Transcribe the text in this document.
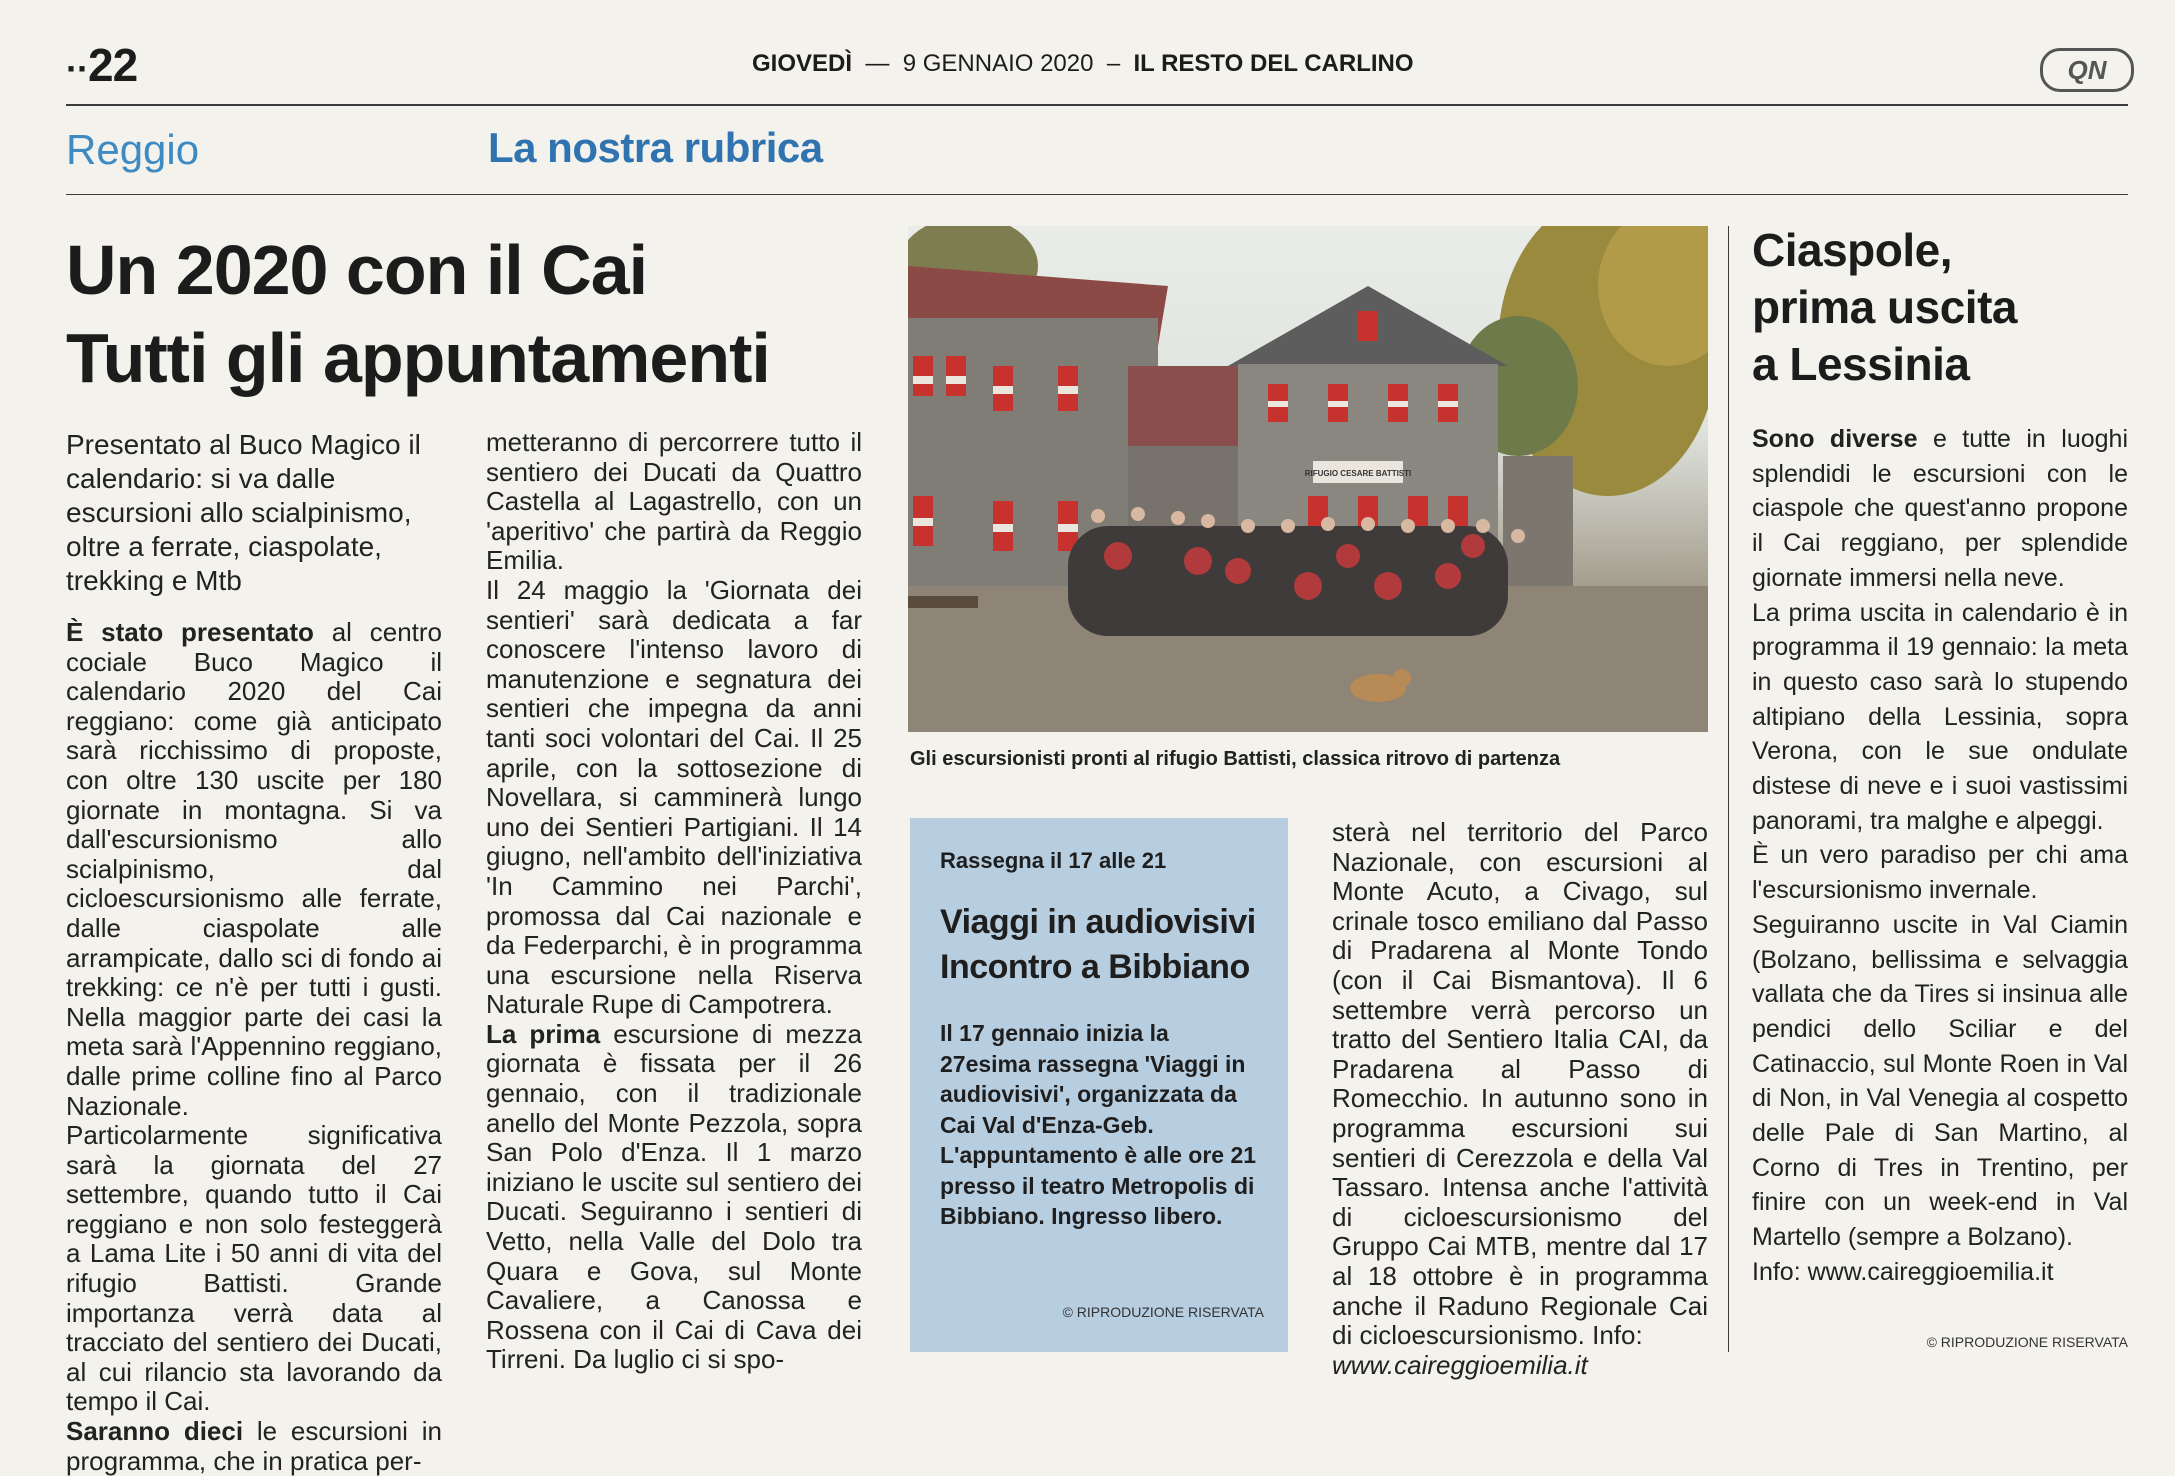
··22	GIOVEDÌ  —  9 GENNAIO 2020  –  IL RESTO DEL CARLINO	QN
Reggio	La nostra rubrica
Un 2020 con il Cai
Tutti gli appuntamenti

Presentato al Buco Magico il calendario: si va dalle escursioni allo scialpinismo, oltre a ferrate, ciaspolate, trekking e Mtb

È stato presentato al centro cociale Buco Magico il calendario 2020 del Cai reggiano: come già anticipato sarà ricchissimo di proposte, con oltre 130 uscite per 180 giornate in montagna. Si va dall'escursionismo allo scialpinismo, dal cicloescursionismo alle ferrate, dalle ciaspolate alle arrampicate, dallo sci di fondo ai trekking: ce n'è per tutti i gusti. Nella maggior parte dei casi la meta sarà l'Appennino reggiano, dalle prime colline fino al Parco Nazionale.

Particolarmente significativa sarà la giornata del 27 settembre, quando tutto il Cai reggiano e non solo festeggerà a Lama Lite i 50 anni di vita del rifugio Battisti. Grande importanza verrà data al tracciato del sentiero dei Ducati, al cui rilancio sta lavorando da tempo il Cai.

Saranno dieci le escursioni in programma, che in pratica per-

metteranno di percorrere tutto il sentiero dei Ducati da Quattro Castella al Lagastrello, con un 'aperitivo' che partirà da Reggio Emilia.

Il 24 maggio la 'Giornata dei sentieri' sarà dedicata a far conoscere l'intenso lavoro di manutenzione e segnatura dei sentieri che impegna da anni tanti soci volontari del Cai. Il 25 aprile, con la sottosezione di Novellara, si camminerà lungo uno dei Sentieri Partigiani. Il 14 giugno, nell'ambito dell'iniziativa 'In Cammino nei Parchi', promossa dal Cai nazionale e da Federparchi, è in programma una escursione nella Riserva Naturale Rupe di Campotrera.

La prima escursione di mezza giornata è fissata per il 26 gennaio, con il tradizionale anello del Monte Pezzola, sopra San Polo d'Enza. Il 1 marzo iniziano le uscite sul sentiero dei Ducati. Seguiranno i sentieri di Vetto, nella Valle del Dolo tra Quara e Gova, sul Monte Cavaliere, a Canossa e Rossena con il Cai di Cava dei Tirreni. Da luglio ci si spo-

RIFUGIO CESARE BATTISTI
Gli escursionisti pronti al rifugio Battisti, classica ritrovo di partenza
Rassegna il 17 alle 21
Viaggi in audiovisivi
Incontro a Bibbiano
Il 17 gennaio inizia la 27esima rassegna 'Viaggi in audiovisivi', organizzata da Cai Val d'Enza-Geb. L'appuntamento è alle ore 21 presso il teatro Metropolis di Bibbiano. Ingresso libero.
© RIPRODUZIONE RISERVATA

sterà nel territorio del Parco Nazionale, con escursioni al Monte Acuto, a Civago, sul crinale tosco emiliano dal Passo di Pradarena al Monte Tondo (con il Cai Bismantova). Il 6 settembre verrà percorso un tratto del Sentiero Italia CAI, da Pradarena al Passo di Romecchio. In autunno sono in programma escursioni sui sentieri di Cerezzola e della Val Tassaro. Intensa anche l'attività di cicloescursionismo del Gruppo Cai MTB, mentre dal 17 al 18 ottobre è in programma anche il Raduno Regionale Cai di cicloescursionismo. Info:

www.caireggioemilia.it

Ciaspole,
prima uscita
a Lessinia

Sono diverse e tutte in luoghi splendidi le escursioni con le ciaspole che quest'anno propone il Cai reggiano, per splendide giornate immersi nella neve.

La prima uscita in calendario è in programma il 19 gennaio: la meta in questo caso sarà lo stupendo altipiano della Lessinia, sopra Verona, con le sue ondulate distese di neve e i suoi vastissimi panorami, tra malghe e alpeggi.

È un vero paradiso per chi ama l'escursionismo invernale.

Seguiranno uscite in Val Ciamin (Bolzano, bellissima e selvaggia vallata che da Tires si insinua alle pendici dello Sciliar e del Catinaccio, sul Monte Roen in Val di Non, in Val Venegia al cospetto delle Pale di San Martino, al Corno di Tres in Trentino, per finire con un week-end in Val Martello (sempre a Bolzano).

Info: www.caireggioemilia.it

© RIPRODUZIONE RISERVATA
